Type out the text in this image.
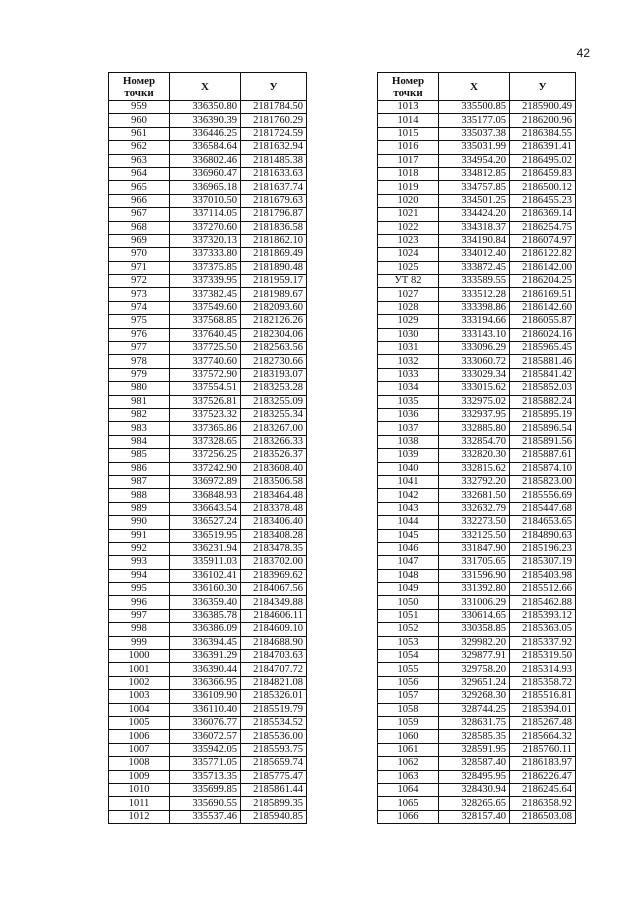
42
Номер
точки	Х	У
959	336350.80	2181784.50
960	336390.39	2181760.29
961	336446.25	2181724.59
962	336584.64	2181632.94
963	336802.46	2181485.38
964	336960.47	2181633.63
965	336965.18	2181637.74
966	337010.50	2181679.63
967	337114.05	2181796.87
968	337270.60	2181836.58
969	337320.13	2181862.10
970	337333.80	2181869.49
971	337375.85	2181890.48
972	337339.95	2181959.17
973	337382.45	2181989.67
974	337549.60	2182093.60
975	337568.85	2182126.26
976	337640.45	2182304.06
977	337725.50	2182563.56
978	337740.60	2182730.66
979	337572.90	2183193.07
980	337554.51	2183253.28
981	337526.81	2183255.09
982	337523.32	2183255.34
983	337365.86	2183267.00
984	337328.65	2183266.33
985	337256.25	2183526.37
986	337242.90	2183608.40
987	336972.89	2183506.58
988	336848.93	2183464.48
989	336643.54	2183378.48
990	336527.24	2183406.40
991	336519.95	2183408.28
992	336231.94	2183478.35
993	335911.03	2183702.00
994	336102.41	2183969.62
995	336160.30	2184067.56
996	336359.40	2184349.88
997	336385.78	2184606.11
998	336386.09	2184609.10
999	336394.45	2184688.90
1000	336391.29	2184703.63
1001	336390.44	2184707.72
1002	336366.95	2184821.08
1003	336109.90	2185326.01
1004	336110.40	2185519.79
1005	336076.77	2185534.52
1006	336072.57	2185536.00
1007	335942.05	2185593.75
1008	335771.05	2185659.74
1009	335713.35	2185775.47
1010	335699.85	2185861.44
1011	335690.55	2185899.35
1012	335537.46	2185940.85
Номер
точки	Х	У
1013	335500.85	2185900.49
1014	335177.05	2186200.96
1015	335037.38	2186384.55
1016	335031.99	2186391.41
1017	334954.20	2186495.02
1018	334812.85	2186459.83
1019	334757.85	2186500.12
1020	334501.25	2186455.23
1021	334424.20	2186369.14
1022	334318.37	2186254.75
1023	334190.84	2186074.97
1024	334012.40	2186122.82
1025	333872.45	2186142.00
УТ 82	333589.55	2186204.25
1027	333512.28	2186169.51
1028	333398.86	2186142.60
1029	333194.66	2186055.87
1030	333143.10	2186024.16
1031	333096.29	2185965.45
1032	333060.72	2185881.46
1033	333029.34	2185841.42
1034	333015.62	2185852.03
1035	332975.02	2185882.24
1036	332937.95	2185895.19
1037	332885.80	2185896.54
1038	332854.70	2185891.56
1039	332820.30	2185887.61
1040	332815.62	2185874.10
1041	332792.20	2185823.00
1042	332681.50	2185556.69
1043	332632.79	2185447.68
1044	332273.50	2184653.65
1045	332125.50	2184890.63
1046	331847.90	2185196.23
1047	331705.65	2185307.19
1048	331596.90	2185403.98
1049	331392.80	2185512.66
1050	331006.29	2185462.88
1051	330614.65	2185393.12
1052	330358.85	2185363.05
1053	329982.20	2185337.92
1054	329877.91	2185319.50
1055	329758.20	2185314.93
1056	329651.24	2185358.72
1057	329268.30	2185516.81
1058	328744.25	2185394.01
1059	328631.75	2185267.48
1060	328585.35	2185664.32
1061	328591.95	2185760.11
1062	328587.40	2186183.97
1063	328495.95	2186226.47
1064	328430.94	2186245.64
1065	328265.65	2186358.92
1066	328157.40	2186503.08
